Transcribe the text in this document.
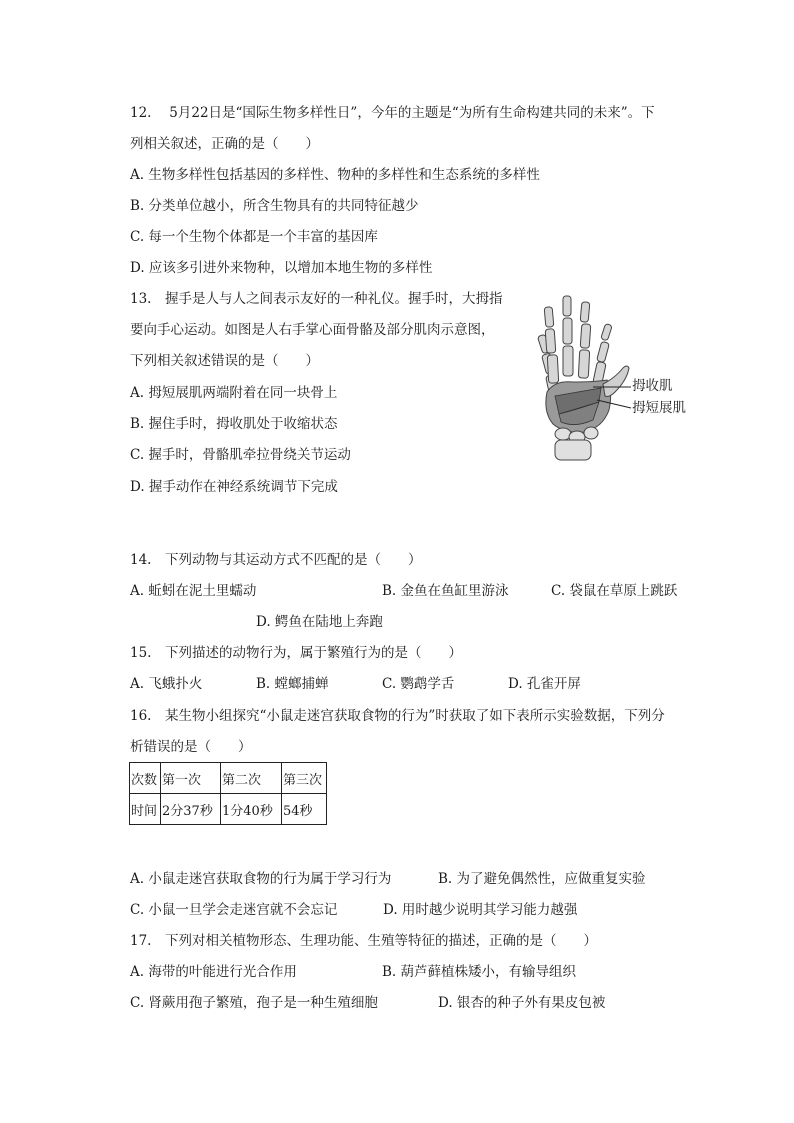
12.　 5月22日是“国际生物多样性日”，今年的主题是“为所有生命构建共同的未来”。下
列相关叙述，正确的是（　　）
A. 生物多样性包括基因的多样性、物种的多样性和生态系统的多样性
B. 分类单位越小，所含生物具有的共同特征越少
C. 每一个生物个体都是一个丰富的基因库
D. 应该多引进外来物种，以增加本地生物的多样性
13.　握手是人与人之间表示友好的一种礼仪。握手时，大拇指
要向手心运动。如图是人右手掌心面骨骼及部分肌肉示意图，
下列相关叙述错误的是（　　）
A. 拇短展肌两端附着在同一块骨上
B. 握住手时，拇收肌处于收缩状态
C. 握手时，骨骼肌牵拉骨绕关节运动
D. 握手动作在神经系统调节下完成
拇收肌
拇短展肌
14.　下列动物与其运动方式不匹配的是（　　）
A. 蚯蚓在泥土里蠕动	B. 金鱼在鱼缸里游泳	C. 袋鼠在草原上跳跃
D. 鳄鱼在陆地上奔跑
15.　下列描述的动物行为，属于繁殖行为的是（　　）
A. 飞蛾扑火	B. 螳螂捕蝉	C. 鹦鹉学舌	D. 孔雀开屏
16.　某生物小组探究“小鼠走迷宫获取食物的行为”时获取了如下表所示实验数据，下列分
析错误的是（　　）
次数	第一次	第二次	第三次
时间	2分37秒	1分40秒	54秒
A. 小鼠走迷宫获取食物的行为属于学习行为	B. 为了避免偶然性，应做重复实验
C. 小鼠一旦学会走迷宫就不会忘记	D. 用时越少说明其学习能力越强
17.　下列对相关植物形态、生理功能、生殖等特征的描述，正确的是（　　）
A. 海带的叶能进行光合作用	B. 葫芦藓植株矮小，有输导组织
C. 肾蕨用孢子繁殖，孢子是一种生殖细胞	D. 银杏的种子外有果皮包被
